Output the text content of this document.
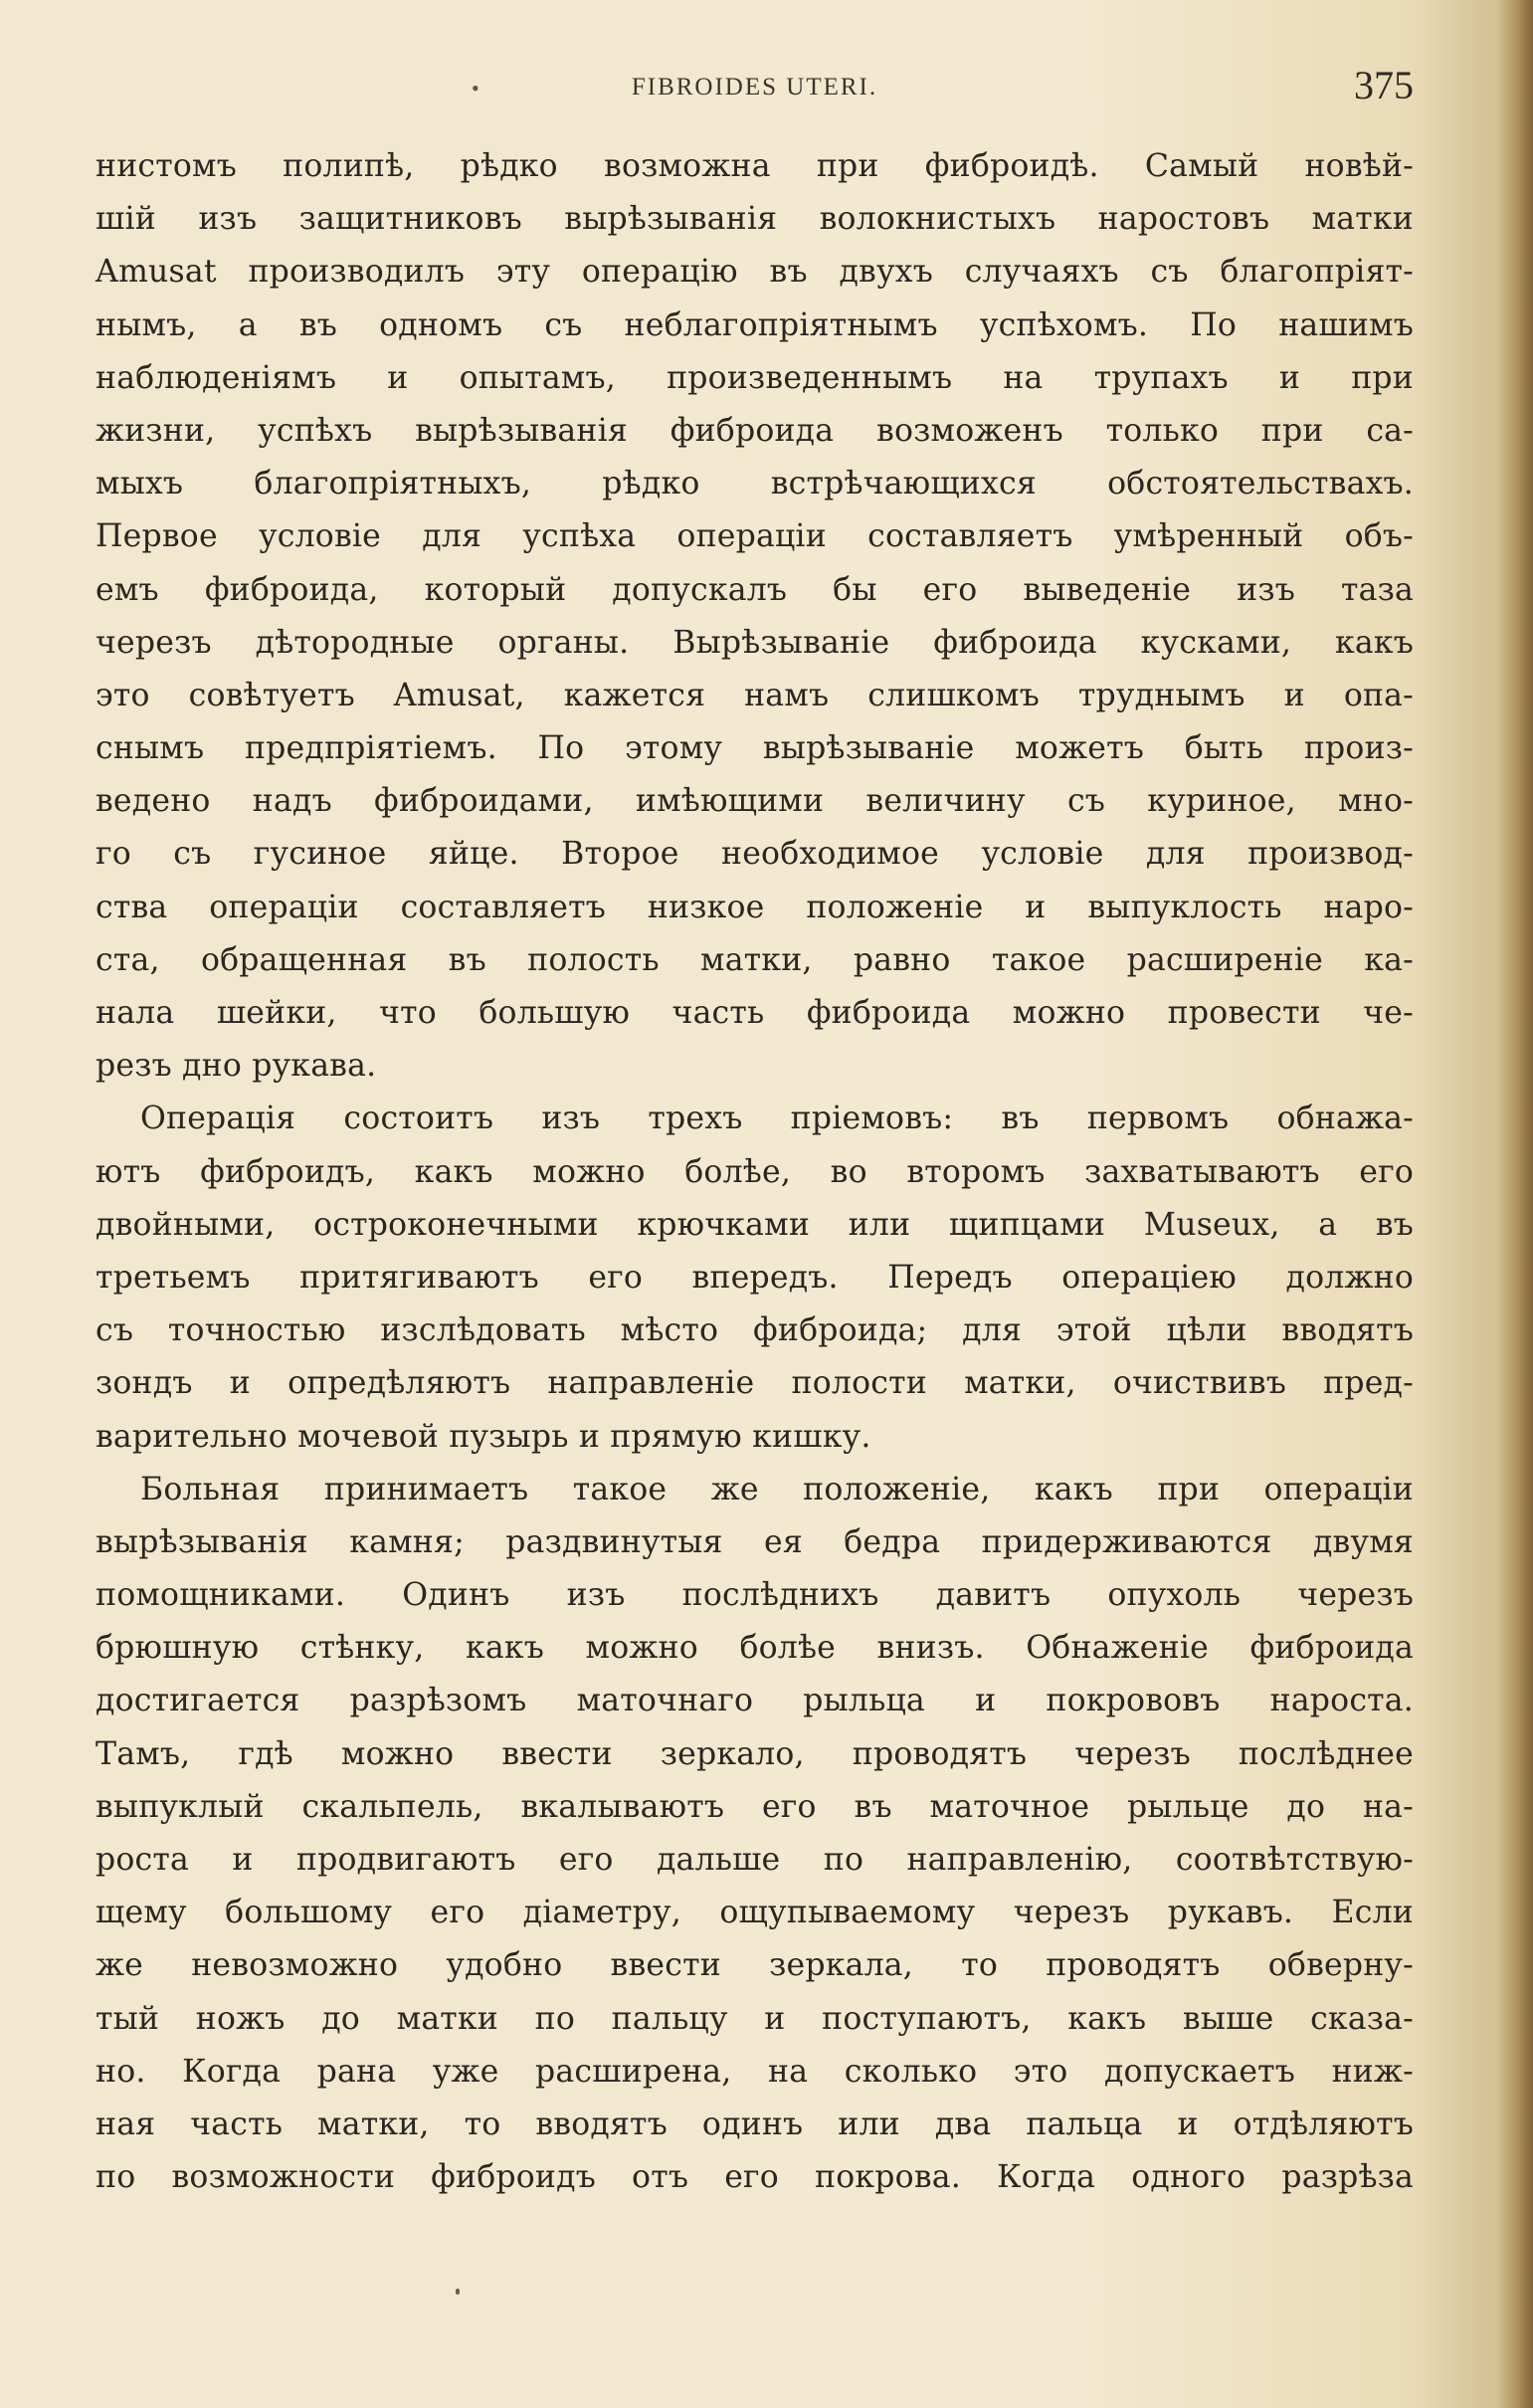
•	FIBROIDES UTERI.	375

нистомъ полипѣ, рѣдко возможна при фиброидѣ. Самый новѣй-
шій изъ защитниковъ вырѣзыванія волокнистыхъ наростовъ матки
Amusat производилъ эту операцію въ двухъ случаяхъ съ благопріят-
нымъ, а въ одномъ съ неблагопріятнымъ успѣхомъ. По нашимъ
наблюденіямъ и опытамъ, произведеннымъ на трупахъ и при
жизни, успѣхъ вырѣзыванія фиброида возможенъ только при са-
мыхъ благопріятныхъ, рѣдко встрѣчающихся обстоятельствахъ.
Первое условіе для успѣха операціи составляетъ умѣренный объ-
емъ фиброида, который допускалъ бы его выведеніе изъ таза
черезъ дѣтородные органы. Вырѣзываніе фиброида кусками, какъ
это совѣтуетъ Amusat, кажется намъ слишкомъ труднымъ и опа-
снымъ предпріятіемъ. По этому вырѣзываніе можетъ быть произ-
ведено надъ фиброидами, имѣющими величину съ куриное, мно-
го съ гусиное яйце. Второе необходимое условіе для производ-
ства операціи составляетъ низкое положеніе и выпуклость наро-
ста, обращенная въ полость матки, равно такое расширеніе ка-
нала шейки, что большую часть фиброида можно провести че-
резъ дно рукава.

Операція состоитъ изъ трехъ пріемовъ: въ первомъ обнажа-
ютъ фиброидъ, какъ можно болѣе, во второмъ захватываютъ его
двойными, остроконечными крючками или щипцами Museux, а въ
третьемъ притягиваютъ его впередъ. Передъ операціею должно
съ точностью изслѣдовать мѣсто фиброида; для этой цѣли вводятъ
зондъ и опредѣляютъ направленіе полости матки, очиствивъ пред-
варительно мочевой пузырь и прямую кишку.

Больная принимаетъ такое же положеніе, какъ при операціи
вырѣзыванія камня; раздвинутыя ея бедра придерживаются двумя
помощниками. Одинъ изъ послѣднихъ давитъ опухоль черезъ
брюшную стѣнку, какъ можно болѣе внизъ. Обнаженіе фиброида
достигается разрѣзомъ маточнаго рыльца и покрововъ нароста.
Тамъ, гдѣ можно ввести зеркало, проводятъ черезъ послѣднее
выпуклый скальпель, вкалываютъ его въ маточное рыльце до на-
роста и продвигаютъ его дальше по направленію, соотвѣтствую-
щему большому его діаметру, ощупываемому черезъ рукавъ. Если
же невозможно удобно ввести зеркала, то проводятъ обверну-
тый ножъ до матки по пальцу и поступаютъ, какъ выше сказа-
но. Когда рана уже расширена, на сколько это допускаетъ ниж-
ная часть матки, то вводятъ одинъ или два пальца и отдѣляютъ
по возможности фиброидъ отъ его покрова. Когда одного разрѣза
